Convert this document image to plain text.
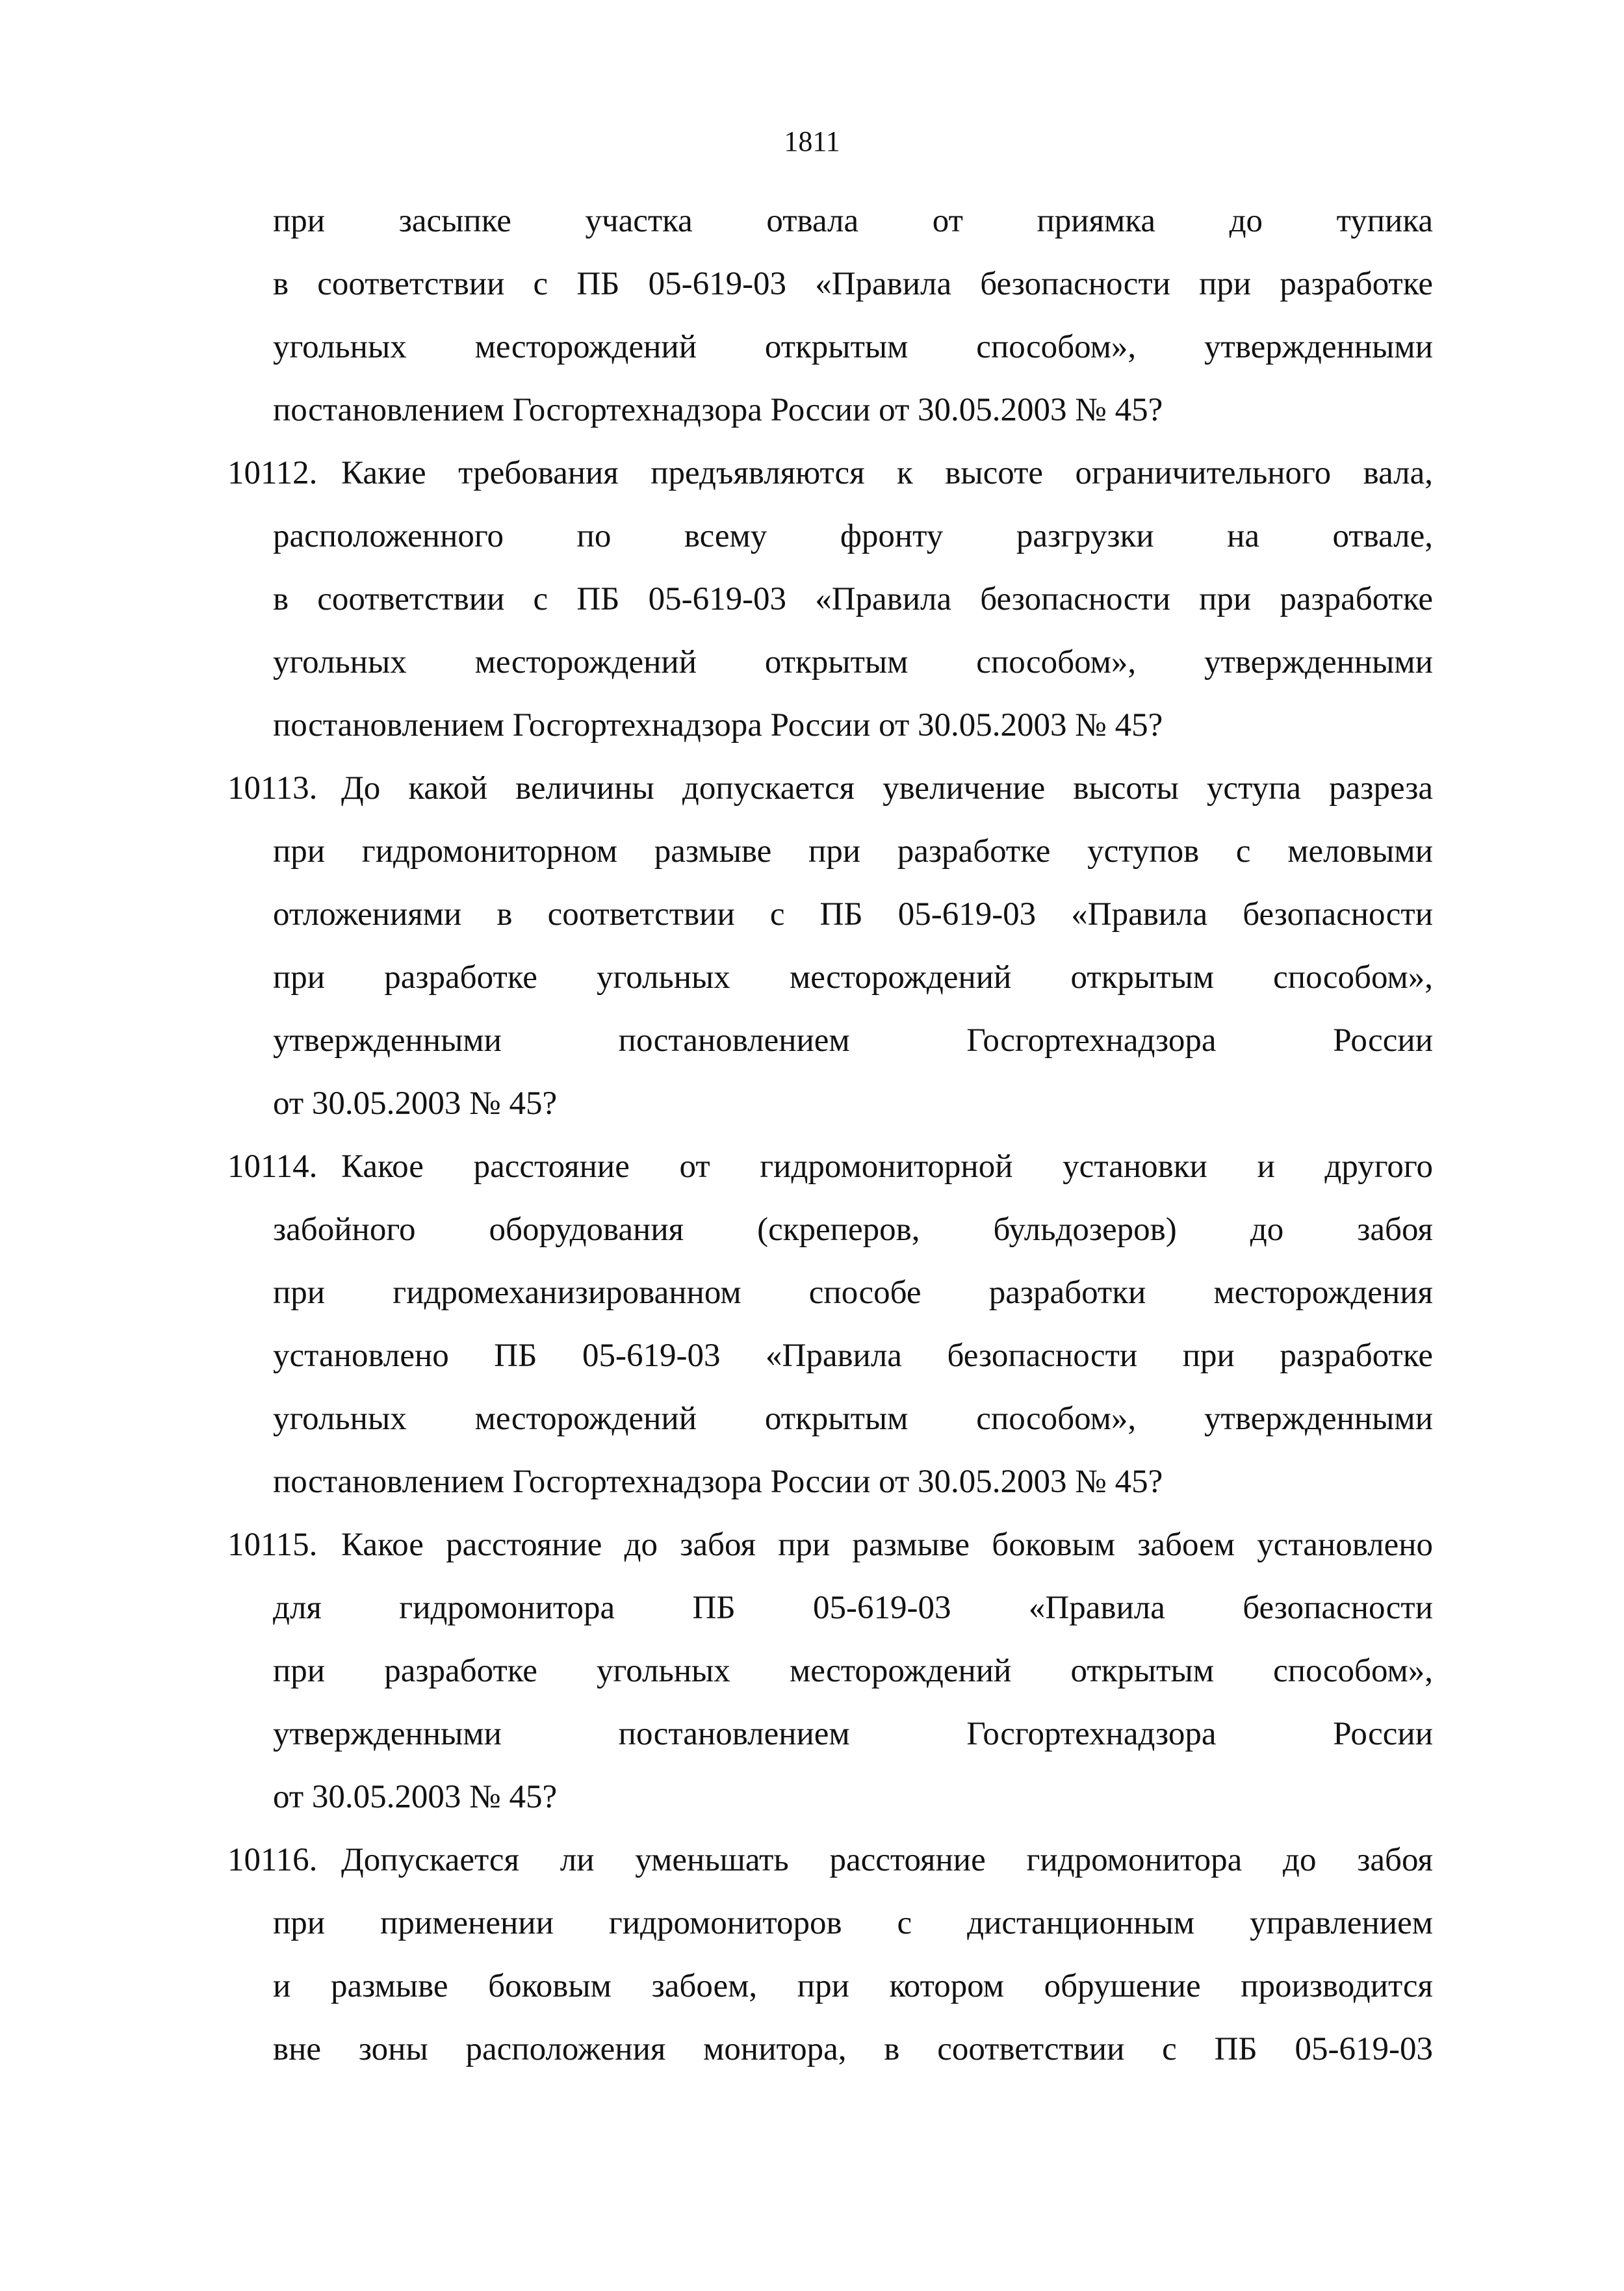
1811
при засыпке участка отвала от приямка до тупика
в соответствии с ПБ 05-619-03 «Правила безопасности при разработке
угольных месторождений открытым способом», утвержденными
постановлением Госгортехнадзора России от 30.05.2003 № 45?
10112. Какие требования предъявляются к высоте ограничительного вала,
расположенного по всему фронту разгрузки на отвале,
в соответствии с ПБ 05-619-03 «Правила безопасности при разработке
угольных месторождений открытым способом», утвержденными
постановлением Госгортехнадзора России от 30.05.2003 № 45?
10113. До какой величины допускается увеличение высоты уступа разреза
при гидромониторном размыве при разработке уступов с меловыми
отложениями в соответствии с ПБ 05-619-03 «Правила безопасности
при разработке угольных месторождений открытым способом»,
утвержденными постановлением Госгортехнадзора России
от 30.05.2003 № 45?
10114. Какое расстояние от гидромониторной установки и другого
забойного оборудования (скреперов, бульдозеров) до забоя
при гидромеханизированном способе разработки месторождения
установлено ПБ 05-619-03 «Правила безопасности при разработке
угольных месторождений открытым способом», утвержденными
постановлением Госгортехнадзора России от 30.05.2003 № 45?
10115. Какое расстояние до забоя при размыве боковым забоем установлено
для гидромонитора ПБ 05-619-03 «Правила безопасности
при разработке угольных месторождений открытым способом»,
утвержденными постановлением Госгортехнадзора России
от 30.05.2003 № 45?
10116. Допускается ли уменьшать расстояние гидромонитора до забоя
при применении гидромониторов с дистанционным управлением
и размыве боковым забоем, при котором обрушение производится
вне зоны расположения монитора, в соответствии с ПБ 05-619-03
